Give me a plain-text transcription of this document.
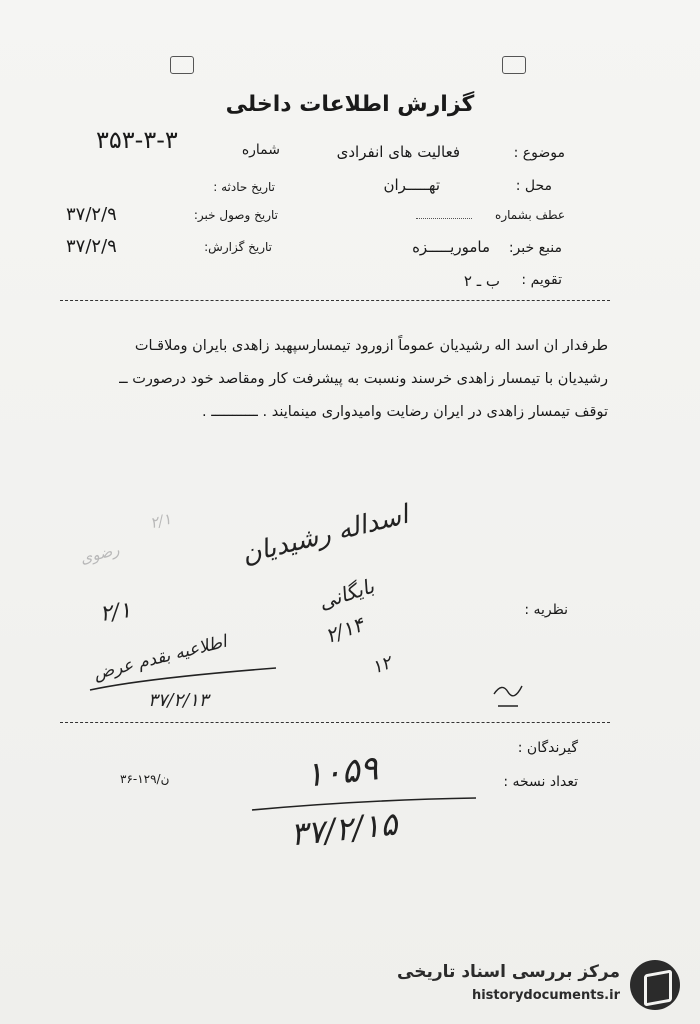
گزارش اطلاعات داخلی
موضوع :
فعالیت های انفرادی
شماره
۳۵۳-۳-۳
محل :
تهـــــران
تاریخ حادثه :
عطف بشماره
تاریخ وصول خبر:
۳۷/۲/۹
منبع خبر:
ماموریـــــزه
تاریخ گزارش:
۳۷/۲/۹
تقویم :
ب ـ ۲
طرفدار ان اسد اله رشیدیان عموماً ازورود تیمسارسپهبد زاهدی بایران وملاقـات
رشیدیان با تیمسار زاهدی خرسند ونسبت به پیشرفت کار ومقاصد خود درصورت ــ
توقف تیمسار زاهدی در ایران رضایت وامیدواری مینمایند . ـــــــــــ .
۲/۱
رضوی	اسداله رشیدیان
بایگانی
۲/۱۴
۱۲
۲/۱
اطلاعیه بقدم عرض
۳۷/۲/۱۳
نظریه :
گیرندگان :
تعداد نسخه :
۳۶-۱۲۹/ن	۱۰۵۹
۳۷/۲/۱۵
مرکز بررسی اسناد تاریخی
historydocuments.ir
